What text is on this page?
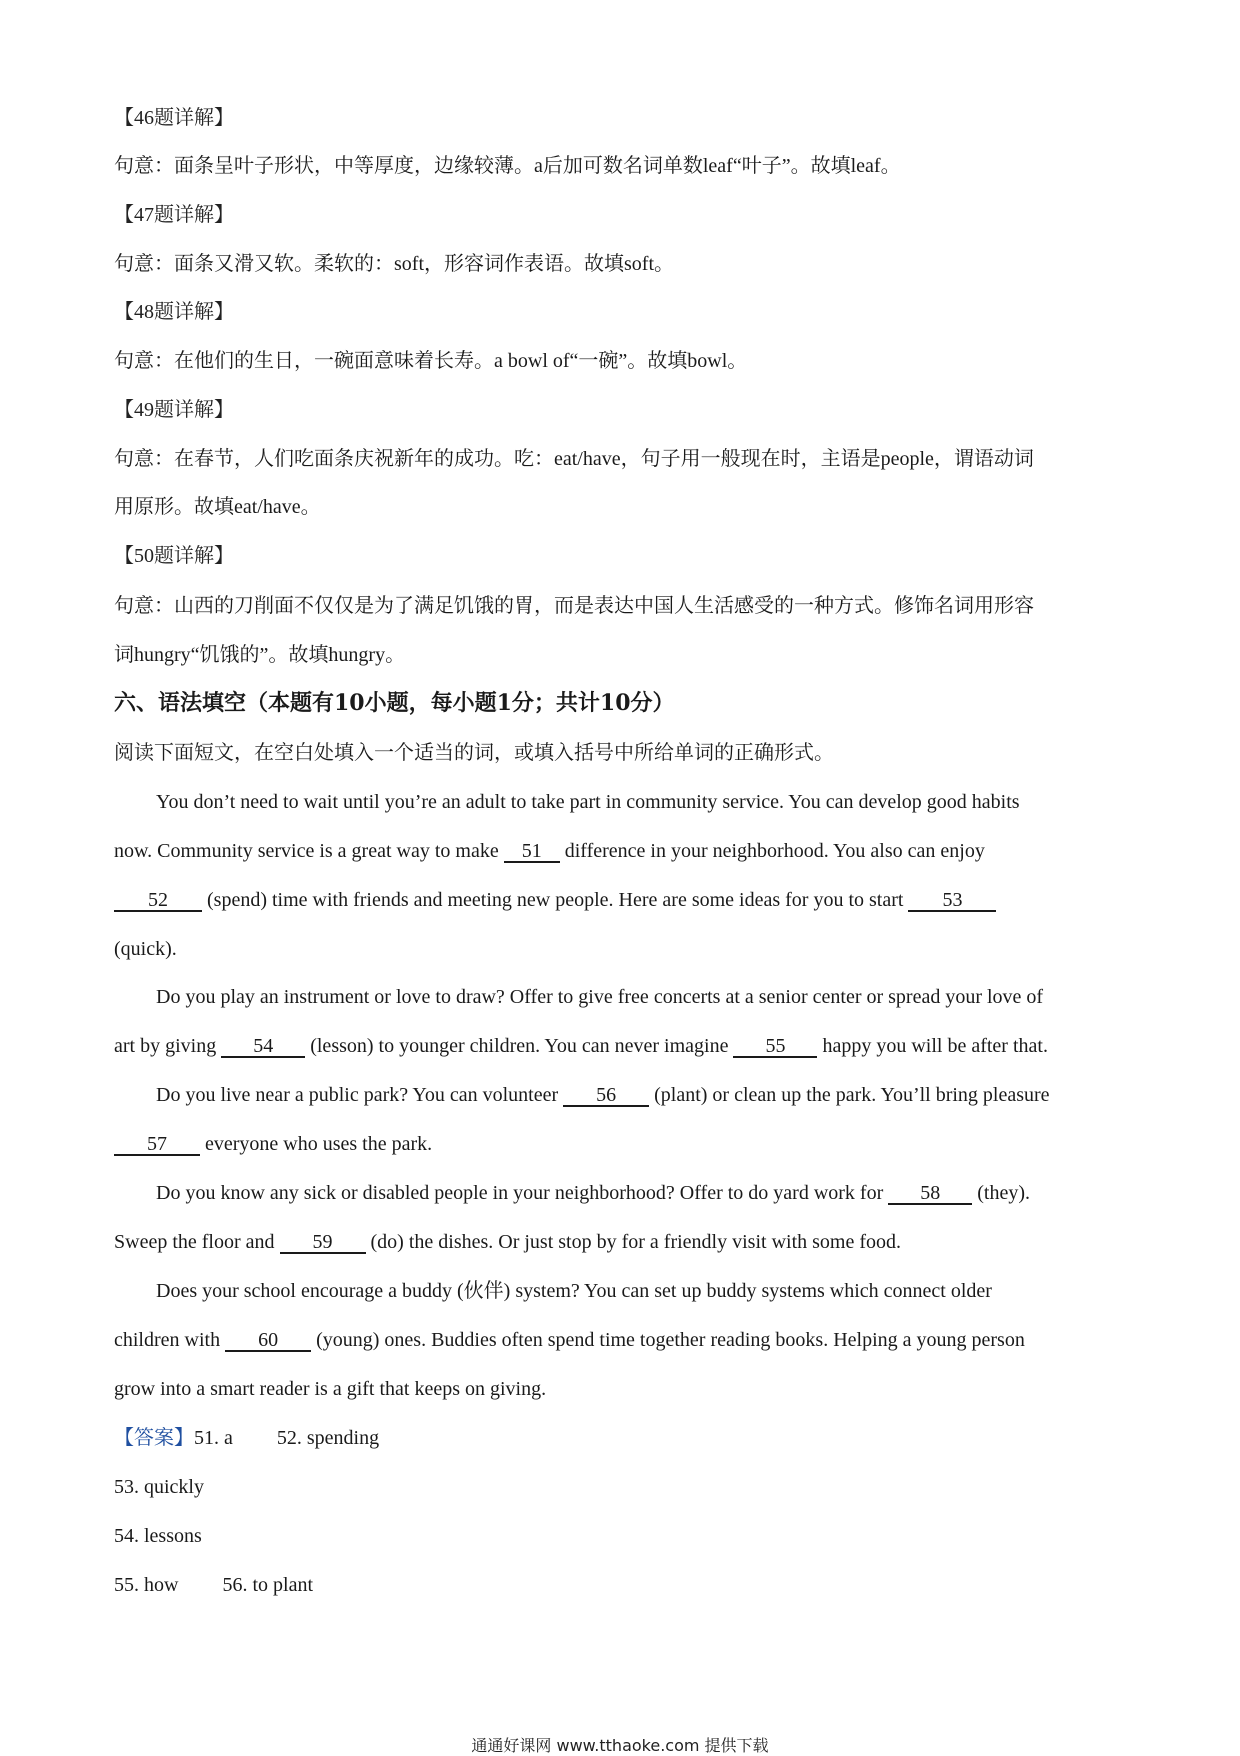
【46题详解】
句意：面条呈叶子形状，中等厚度，边缘较薄。a后加可数名词单数leaf“叶子”。故填leaf。
【47题详解】
句意：面条又滑又软。柔软的：soft，形容词作表语。故填soft。
【48题详解】
句意：在他们的生日，一碗面意味着长寿。a bowl of“一碗”。故填bowl。
【49题详解】
句意：在春节，人们吃面条庆祝新年的成功。吃：eat/have，句子用一般现在时，主语是people，谓语动词
用原形。故填eat/have。
【50题详解】
句意：山西的刀削面不仅仅是为了满足饥饿的胃，而是表达中国人生活感受的一种方式。修饰名词用形容
词hungry“饥饿的”。故填hungry。
六、语法填空（本题有10小题，每小题1分；共计10分）
阅读下面短文，在空白处填入一个适当的词，或填入括号中所给单词的正确形式。
You don’t need to wait until you’re an adult to take part in community service. You can develop good habits
now. Community service is a great way to make 51 difference in your neighborhood. You also can enjoy
52 (spend) time with friends and meeting new people. Here are some ideas for you to start 53
(quick).
Do you play an instrument or love to draw? Offer to give free concerts at a senior center or spread your love of
art by giving 54 (lesson) to younger children. You can never imagine 55 happy you will be after that.
Do you live near a public park? You can volunteer 56 (plant) or clean up the park. You’ll bring pleasure
57 everyone who uses the park.
Do you know any sick or disabled people in your neighborhood? Offer to do yard work for 58 (they).
Sweep the floor and 59 (do) the dishes. Or just stop by for a friendly visit with some food.
Does your school encourage a buddy (伙伴) system? You can set up buddy systems which connect older
children with 60 (young) ones. Buddies often spend time together reading books. Helping a young person
grow into a smart reader is a gift that keeps on giving.
【答案】51. a 52. spending
53. quickly
54. lessons
55. how 56. to plant
通通好课网 www.tthaoke.com 提供下载
